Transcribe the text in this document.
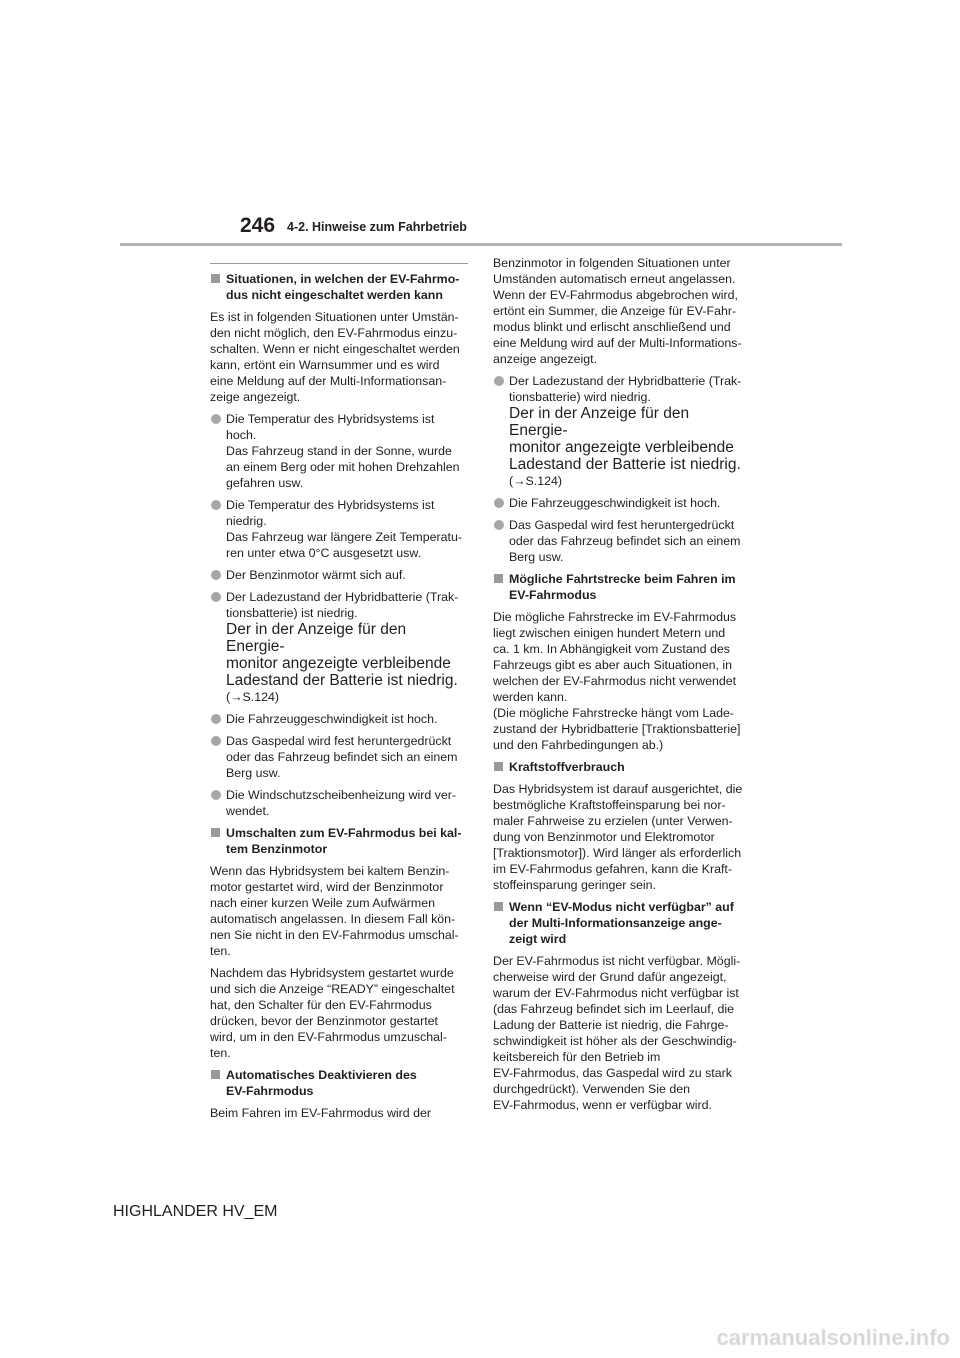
246 4-2. Hinweise zum Fahrbetrieb
Situationen, in welchen der EV-Fahrmo-
dus nicht eingeschaltet werden kann
Es ist in folgenden Situationen unter Umstän-
den nicht möglich, den EV-Fahrmodus einzu-
schalten. Wenn er nicht eingeschaltet werden
kann, ertönt ein Warnsummer und es wird
eine Meldung auf der Multi-Informationsan-
zeige angezeigt.
Die Temperatur des Hybridsystems ist
hoch.
Das Fahrzeug stand in der Sonne, wurde
an einem Berg oder mit hohen Drehzahlen
gefahren usw.
Die Temperatur des Hybridsystems ist
niedrig.
Das Fahrzeug war längere Zeit Temperatu-
ren unter etwa 0°C ausgesetzt usw.
Der Benzinmotor wärmt sich auf.
Der Ladezustand der Hybridbatterie (Trak-
tionsbatterie) ist niedrig.
Der in der Anzeige für den Energie-
monitor angezeigte verbleibende
Ladestand der Batterie ist niedrig.
(→S.124)
Die Fahrzeuggeschwindigkeit ist hoch.
Das Gaspedal wird fest heruntergedrückt
oder das Fahrzeug befindet sich an einem
Berg usw.
Die Windschutzscheibenheizung wird ver-
wendet.
Umschalten zum EV-Fahrmodus bei kal-
tem Benzinmotor
Wenn das Hybridsystem bei kaltem Benzin-
motor gestartet wird, wird der Benzinmotor
nach einer kurzen Weile zum Aufwärmen
automatisch angelassen. In diesem Fall kön-
nen Sie nicht in den EV-Fahrmodus umschal-
ten.
Nachdem das Hybridsystem gestartet wurde
und sich die Anzeige “READY” eingeschaltet
hat, den Schalter für den EV-Fahrmodus
drücken, bevor der Benzinmotor gestartet
wird, um in den EV-Fahrmodus umzuschal-
ten.
Automatisches Deaktivieren des
EV-Fahrmodus
Beim Fahren im EV-Fahrmodus wird der
Benzinmotor in folgenden Situationen unter
Umständen automatisch erneut angelassen.
Wenn der EV-Fahrmodus abgebrochen wird,
ertönt ein Summer, die Anzeige für EV-Fahr-
modus blinkt und erlischt anschließend und
eine Meldung wird auf der Multi-Informations-
anzeige angezeigt.
Der Ladezustand der Hybridbatterie (Trak-
tionsbatterie) wird niedrig.
Der in der Anzeige für den Energie-
monitor angezeigte verbleibende
Ladestand der Batterie ist niedrig.
(→S.124)
Die Fahrzeuggeschwindigkeit ist hoch.
Das Gaspedal wird fest heruntergedrückt
oder das Fahrzeug befindet sich an einem
Berg usw.
Mögliche Fahrtstrecke beim Fahren im
EV-Fahrmodus
Die mögliche Fahrstrecke im EV-Fahrmodus
liegt zwischen einigen hundert Metern und
ca. 1 km. In Abhängigkeit vom Zustand des
Fahrzeugs gibt es aber auch Situationen, in
welchen der EV-Fahrmodus nicht verwendet
werden kann.
(Die mögliche Fahrstrecke hängt vom Lade-
zustand der Hybridbatterie [Traktionsbatterie]
und den Fahrbedingungen ab.)
Kraftstoffverbrauch
Das Hybridsystem ist darauf ausgerichtet, die
bestmögliche Kraftstoffeinsparung bei nor-
maler Fahrweise zu erzielen (unter Verwen-
dung von Benzinmotor und Elektromotor
[Traktionsmotor]). Wird länger als erforderlich
im EV-Fahrmodus gefahren, kann die Kraft-
stoffeinsparung geringer sein.
Wenn “EV-Modus nicht verfügbar” auf
der Multi-Informationsanzeige ange-
zeigt wird
Der EV-Fahrmodus ist nicht verfügbar. Mögli-
cherweise wird der Grund dafür angezeigt,
warum der EV-Fahrmodus nicht verfügbar ist
(das Fahrzeug befindet sich im Leerlauf, die
Ladung der Batterie ist niedrig, die Fahrge-
schwindigkeit ist höher als der Geschwindig-
keitsbereich für den Betrieb im
EV-Fahrmodus, das Gaspedal wird zu stark
durchgedrückt). Verwenden Sie den
EV-Fahrmodus, wenn er verfügbar wird.
HIGHLANDER HV_EM
carmanualsonline.info
